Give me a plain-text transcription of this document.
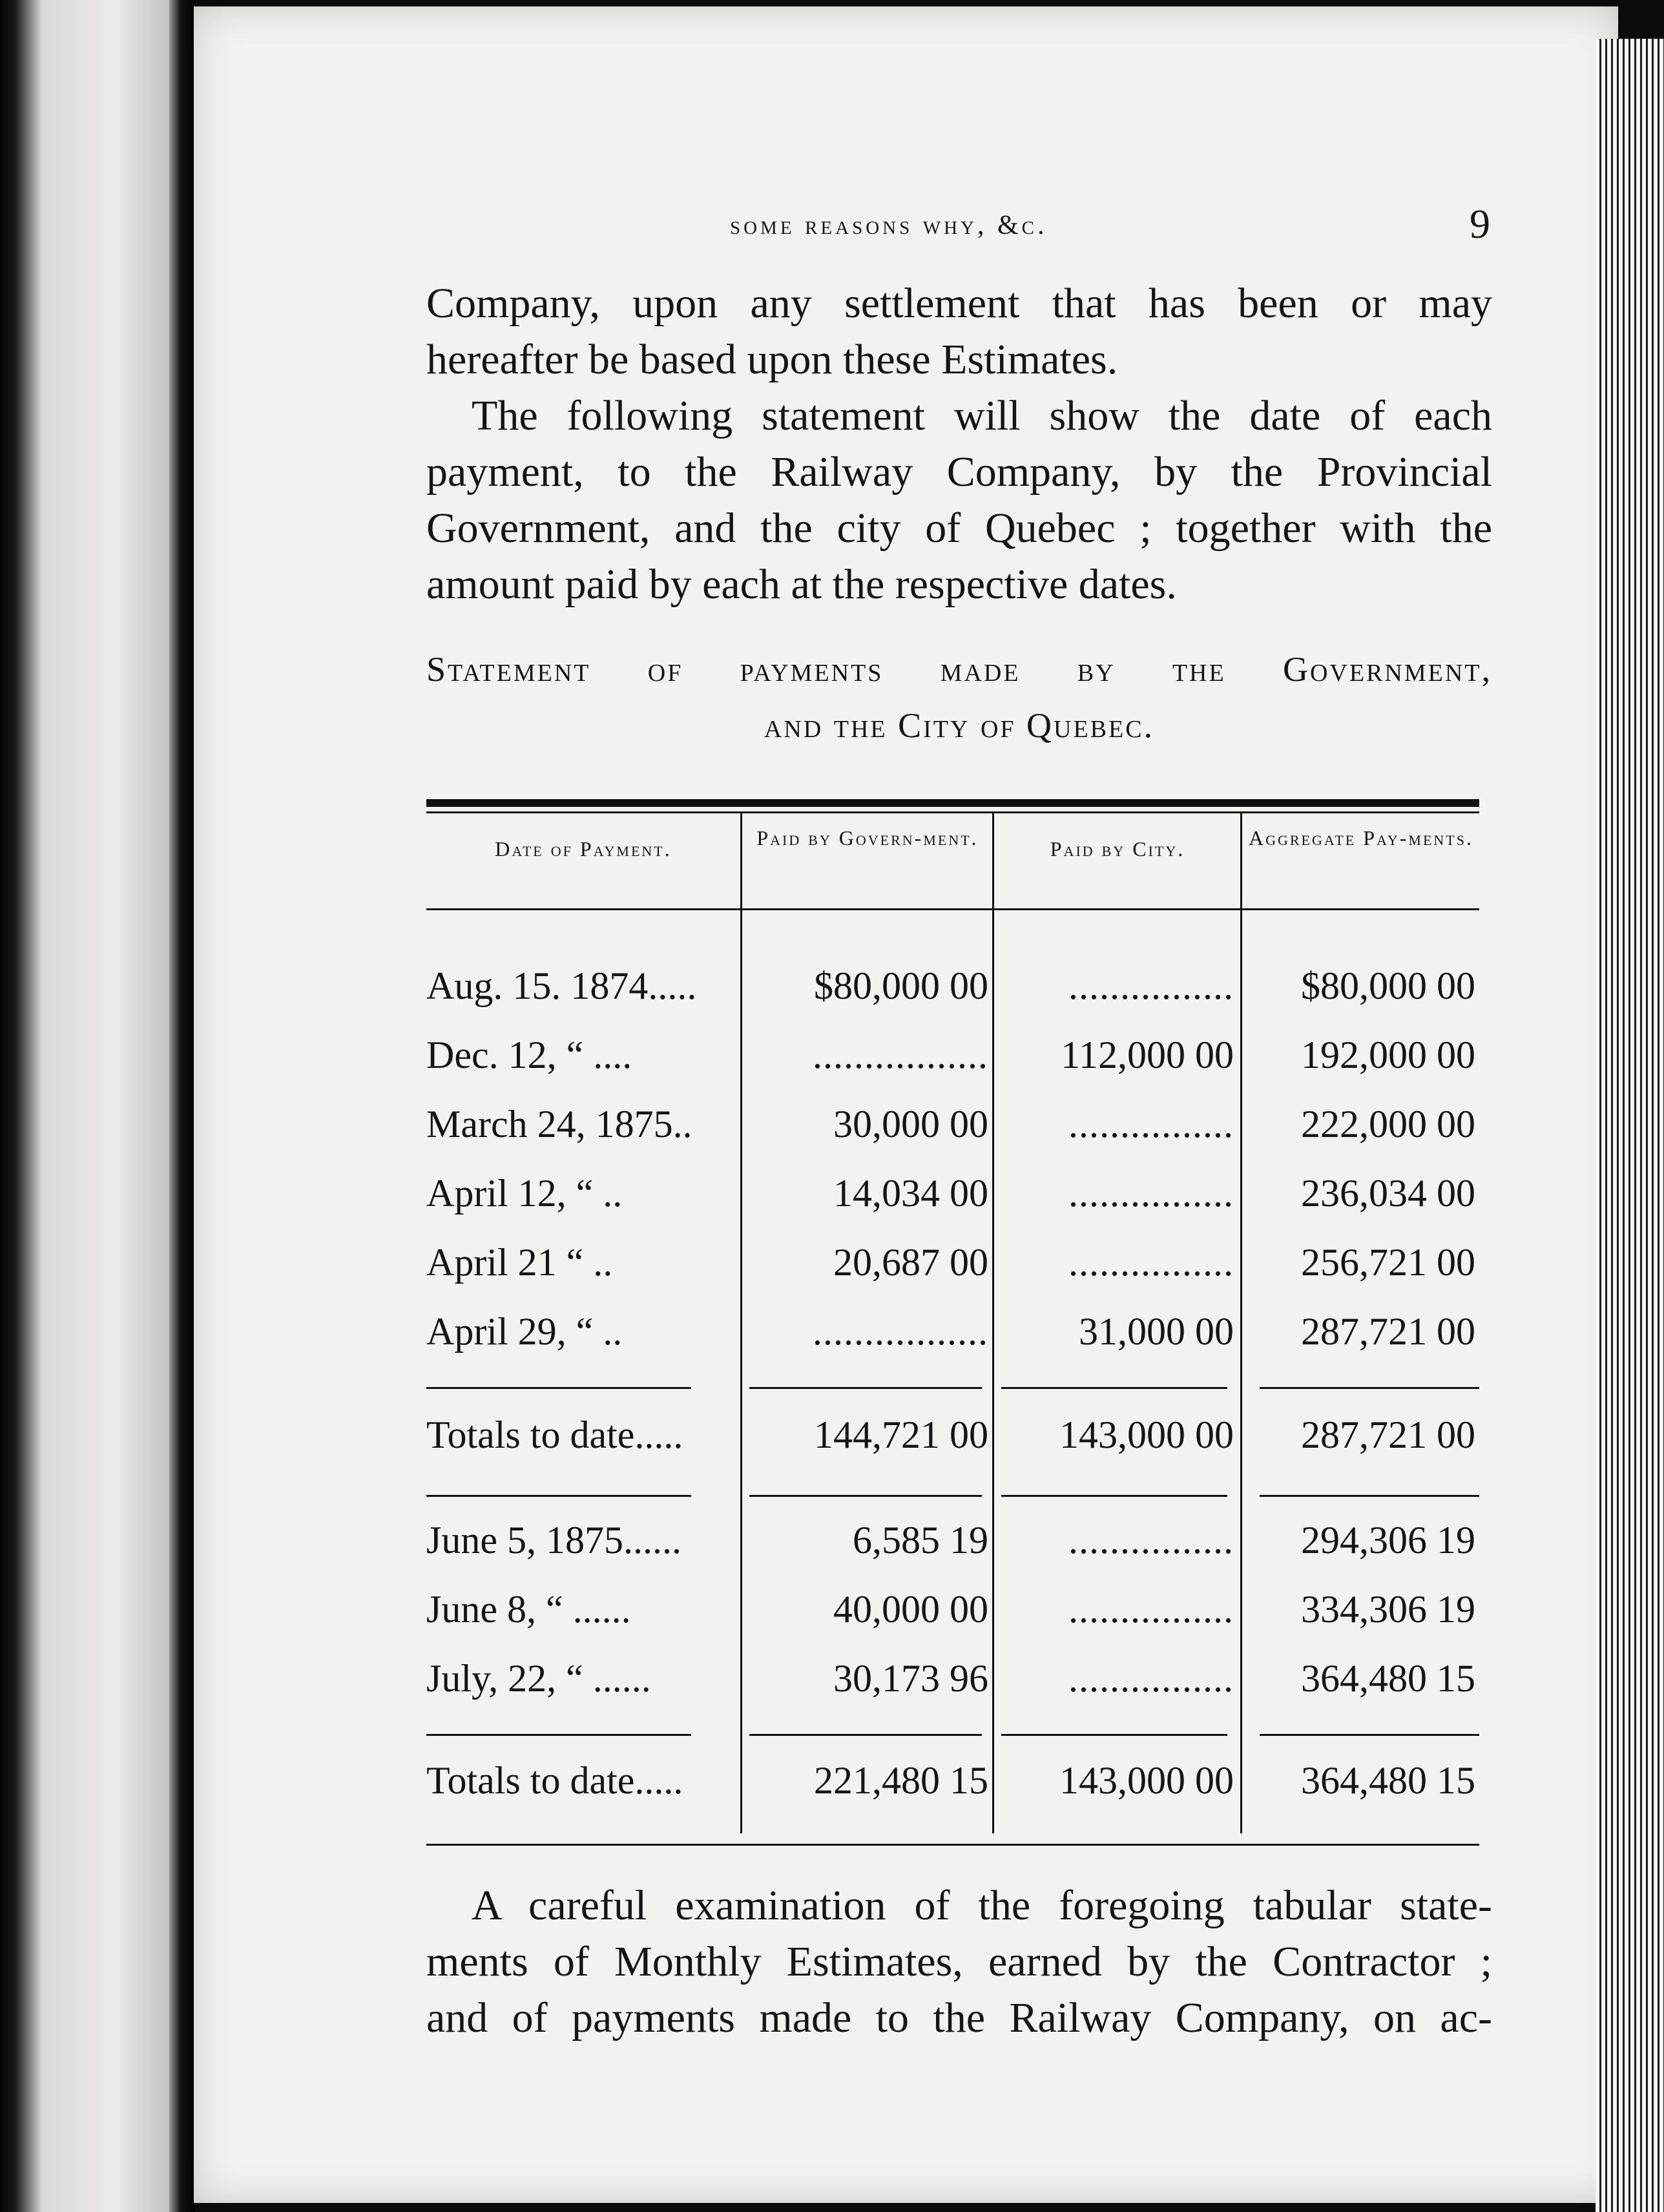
some reasons why, &c.	9
Company, upon any settlement that has been or may
hereafter be based upon these Estimates.
The following statement will show the date of each
payment, to the Railway Company, by the Provincial
Government, and the city of Quebec ; together with the
amount paid by each at the respective dates.
Statement of payments made by the Government,
and the City of Quebec.
Date of Payment.	Paid by Govern-ment.	Paid by City.	Aggregate Pay-ments.
Aug. 15. 1874.....	$80,000 00	................	$80,000 00
Dec. 12, “ ....	.................	112,000 00	192,000 00
March 24, 1875..	30,000 00	................	222,000 00
April 12, “ ..	14,034 00	................	236,034 00
April 21 “ ..	20,687 00	................	256,721 00
April 29, “ ..	.................	31,000 00	287,721 00
Totals to date.....	144,721 00	143,000 00	287,721 00
June 5, 1875......	6,585 19	................	294,306 19
June 8, “ ......	40,000 00	................	334,306 19
July, 22, “ ......	30,173 96	................	364,480 15
Totals to date.....	221,480 15	143,000 00	364,480 15
A careful examination of the foregoing tabular state-
ments of Monthly Estimates, earned by the Contractor ;
and of payments made to the Railway Company, on ac-
